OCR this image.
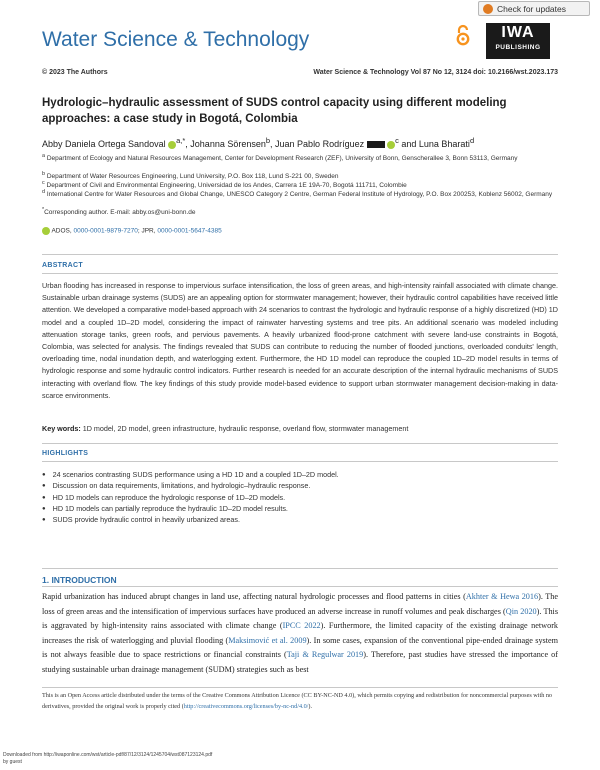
Water Science & Technology
Check for updates
IWA
PUBLISHING
© 2023 The Authors	Water Science & Technology Vol 87 No 12, 3124 doi: 10.2166/wst.2023.173
Hydrologic–hydraulic assessment of SUDS control capacity using different modeling approaches: a case study in Bogotá, Colombia
Abby Daniela Ortega Sandoval $^{a,*}$, Johanna Sörensen$^b$, Juan Pablo Rodríguez	$^c$ and Luna Bharati$^d$
$^a$ Department of Ecology and Natural Resources Management, Center for Development Research (ZEF), University of Bonn, Genscherallee 3, Bonn 53113, Germany
$^b$ Department of Water Resources Engineering, Lund University, P.O. Box 118, Lund S-221 00, Sweden
$^c$ Department of Civil and Environmental Engineering, Universidad de los Andes, Carrera 1E 19A-70, Bogotá 111711, Colombie
$^d$ International Centre for Water Resources and Global Change, UNESCO Category 2 Centre, German Federal Institute of Hydrology, P.O. Box 200253, Koblenz 56002, Germany
*Corresponding author. E-mail: abby.os@uni-bonn.de
ADOS, 0000-0001-9879-7270; JPR, 0000-0001-5647-4385
ABSTRACT
Urban flooding has increased in response to impervious surface intensification, the loss of green areas, and high-intensity rainfall associated with climate change. Sustainable urban drainage systems (SUDS) are an appealing option for stormwater management; however, their hydraulic control capabilities have received little attention. We developed a comparative model-based approach with 24 scenarios to contrast the hydrologic and hydraulic response of a highly discretized (HD) 1D model and a coupled 1D–2D model, considering the impact of rainwater harvesting systems and tree pits. An additional scenario was modeled including attenuation storage tanks, green roofs, and pervious pavements. A heavily urbanized flood-prone catchment with severe land-use constraints in Bogotá, Colombia, was selected for analysis. The findings revealed that SUDS can contribute to reducing the number of flooded junctions, overloaded conduits' length, overloading time, nodal inundation depth, and waterlogging extent. Furthermore, the HD 1D model can reproduce the coupled 1D–2D model results in terms of hydrologic response and some hydraulic control indicators. Further research is needed for an accurate description of the internal hydraulic mechanisms of SUDS interacting with overland flow. The key findings of this study provide model-based evidence to support urban stormwater management decision-making in data-scarce environments.
Key words: 1D model, 2D model, green infrastructure, hydraulic response, overland flow, stormwater management
HIGHLIGHTS
● 24 scenarios contrasting SUDS performance using a HD 1D and a coupled 1D–2D model.
● Discussion on data requirements, limitations, and hydrologic–hydraulic response.
● HD 1D models can reproduce the hydrologic response of 1D–2D models.
● HD 1D models can partially reproduce the hydraulic 1D–2D model results.
● SUDS provide hydraulic control in heavily urbanized areas.
1. INTRODUCTION
Rapid urbanization has induced abrupt changes in land use, affecting natural hydrologic processes and flood patterns in cities (Akhter & Hewa 2016). The loss of green areas and the intensification of impervious surfaces have produced an adverse increase in runoff volumes and peak discharges (Qin 2020). This is aggravated by high-intensity rains associated with climate change (IPCC 2022). Furthermore, the limited capacity of the existing drainage network increases the risk of waterlogging and pluvial flooding (Maksimović et al. 2009). In some cases, expansion of the conventional pipe-ended drainage system is not always feasible due to space restrictions or financial constraints (Taji & Regulwar 2019). Therefore, past studies have stressed the importance of studying sustainable urban drainage management (SUDM) strategies such as best
This is an Open Access article distributed under the terms of the Creative Commons Attribution Licence (CC BY-NC-ND 4.0), which permits copying and redistribution for noncommercial purposes with no derivatives, provided the original work is properly cited (http://creativecommons.org/licenses/by-nc-nd/4.0/).
Downloaded from http://iwaponline.com/wst/article-pdf/87/12/3124/1245704/wst087123124.pdf
by guest
